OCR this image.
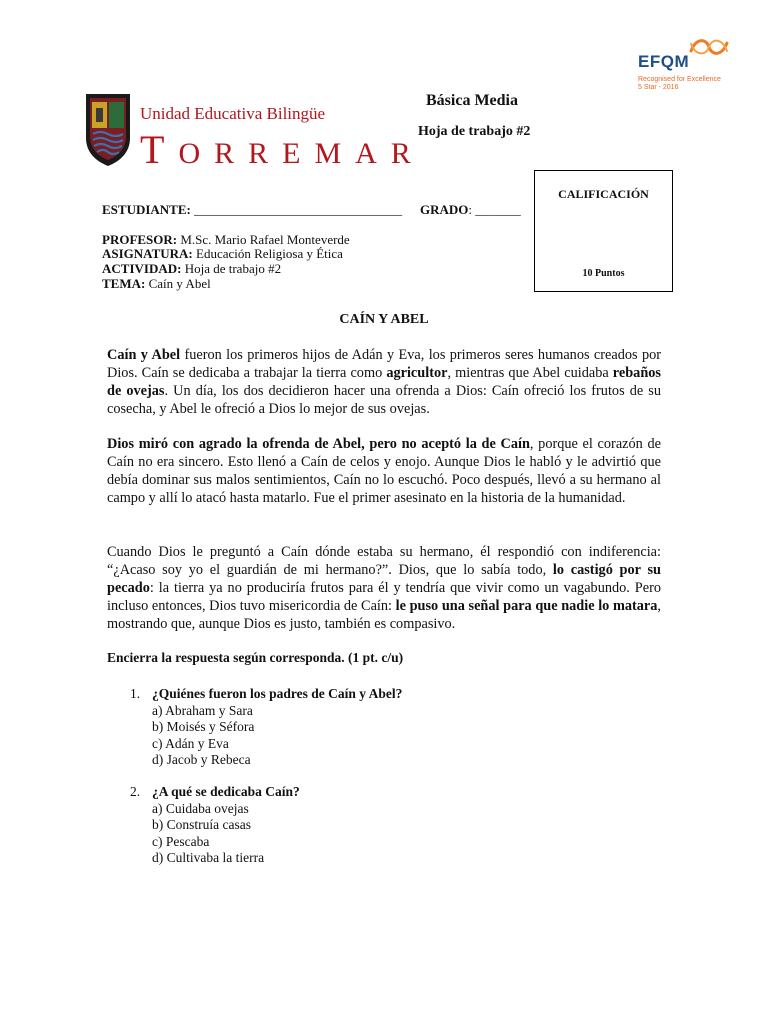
EFQM
Recognised for Excellence
5 Star - 2016
Unidad Educativa Bilingüe
TORREMAR
Básica Media
Hoja de trabajo #2
CALIFICACIÓN
10 Puntos
ESTUDIANTE: ________________________________ GRADO: _______
PROFESOR: M.Sc. Mario Rafael Monteverde
ASIGNATURA: Educación Religiosa y Ética
ACTIVIDAD: Hoja de trabajo #2
TEMA: Caín y Abel
CAÍN Y ABEL
Caín y Abel fueron los primeros hijos de Adán y Eva, los primeros seres humanos creados por Dios. Caín se dedicaba a trabajar la tierra como agricultor, mientras que Abel cuidaba rebaños de ovejas. Un día, los dos decidieron hacer una ofrenda a Dios: Caín ofreció los frutos de su cosecha, y Abel le ofreció a Dios lo mejor de sus ovejas.
Dios miró con agrado la ofrenda de Abel, pero no aceptó la de Caín, porque el corazón de Caín no era sincero. Esto llenó a Caín de celos y enojo. Aunque Dios le habló y le advirtió que debía dominar sus malos sentimientos, Caín no lo escuchó. Poco después, llevó a su hermano al campo y allí lo atacó hasta matarlo. Fue el primer asesinato en la historia de la humanidad.
Cuando Dios le preguntó a Caín dónde estaba su hermano, él respondió con indiferencia: “¿Acaso soy yo el guardián de mi hermano?”. Dios, que lo sabía todo, lo castigó por su pecado: la tierra ya no produciría frutos para él y tendría que vivir como un vagabundo. Pero incluso entonces, Dios tuvo misericordia de Caín: le puso una señal para que nadie lo matara, mostrando que, aunque Dios es justo, también es compasivo.
Encierra la respuesta según corresponda. (1 pt. c/u)
1. ¿Quiénes fueron los padres de Caín y Abel?
a) Abraham y Sara
b) Moisés y Séfora
c) Adán y Eva
d) Jacob y Rebeca
2. ¿A qué se dedicaba Caín?
a) Cuidaba ovejas
b) Construía casas
c) Pescaba
d) Cultivaba la tierra
